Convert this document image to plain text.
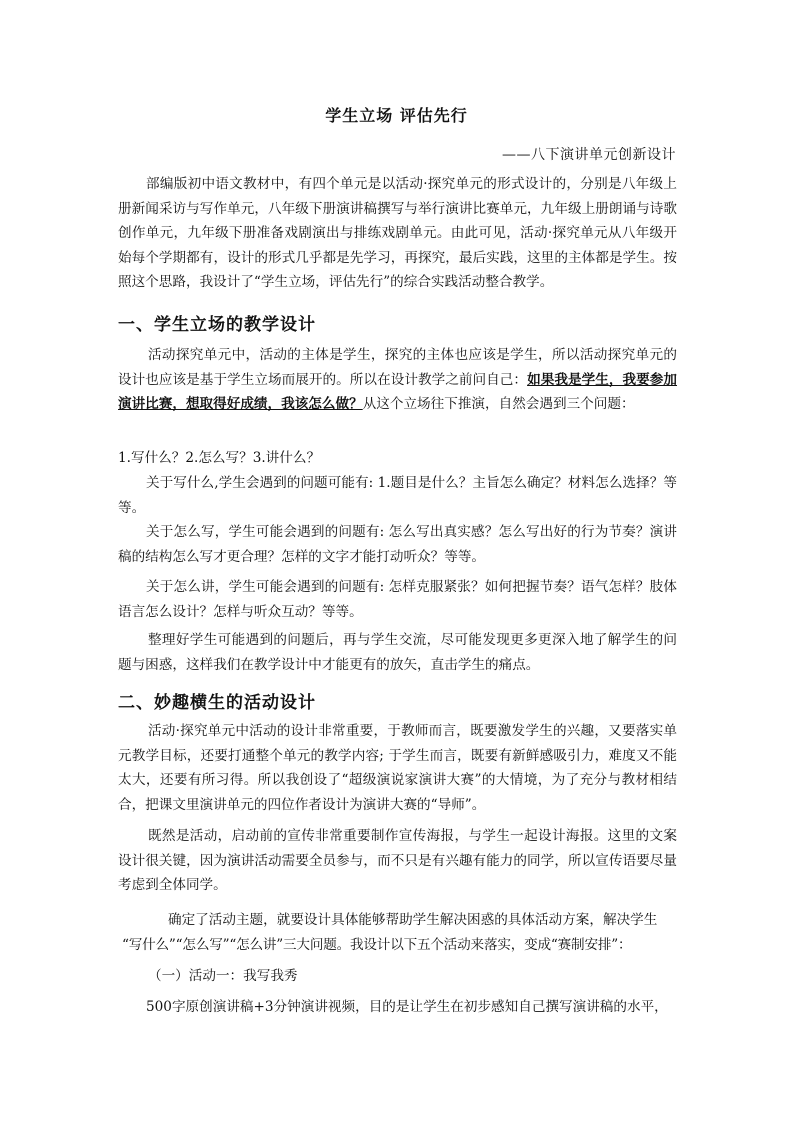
学生立场 评估先行
——八下演讲单元创新设计

部编版初中语文教材中，有四个单元是以活动·探究单元的形式设计的，分别是八年级上册新闻采访与写作单元，八年级下册演讲稿撰写与举行演讲比赛单元，九年级上册朗诵与诗歌创作单元，九年级下册准备戏剧演出与排练戏剧单元。由此可见，活动·探究单元从八年级开始每个学期都有，设计的形式几乎都是先学习，再探究，最后实践，这里的主体都是学生。按照这个思路，我设计了“学生立场，评估先行”的综合实践活动整合教学。

一、学生立场的教学设计

活动探究单元中，活动的主体是学生，探究的主体也应该是学生，所以活动探究单元的设计也应该是基于学生立场而展开的。所以在设计教学之前问自己：如果我是学生，我要参加演讲比赛，想取得好成绩，我该怎么做？从这个立场往下推演，自然会遇到三个问题：

1.写什么？2.怎么写？3.讲什么？

关于写什么,学生会遇到的问题可能有: 1.题目是什么？主旨怎么确定？材料怎么选择？等等。

关于怎么写，学生可能会遇到的问题有: 怎么写出真实感？怎么写出好的行为节奏？演讲稿的结构怎么写才更合理？怎样的文字才能打动听众？等等。

关于怎么讲，学生可能会遇到的问题有: 怎样克服紧张？如何把握节奏？语气怎样？肢体语言怎么设计？怎样与听众互动？等等。

整理好学生可能遇到的问题后，再与学生交流，尽可能发现更多更深入地了解学生的问题与困惑，这样我们在教学设计中才能更有的放矢，直击学生的痛点。

二、妙趣横生的活动设计

活动·探究单元中活动的设计非常重要，于教师而言，既要激发学生的兴趣，又要落实单元教学目标，还要打通整个单元的教学内容; 于学生而言，既要有新鲜感吸引力，难度又不能太大，还要有所习得。所以我创设了“超级演说家演讲大赛”的大情境，为了充分与教材相结合，把课文里演讲单元的四位作者设计为演讲大赛的“导师”。

既然是活动，启动前的宣传非常重要制作宣传海报，与学生一起设计海报。这里的文案设计很关键，因为演讲活动需要全员参与，而不只是有兴趣有能力的同学，所以宣传语要尽量考虑到全体同学。

确定了活动主题，就要设计具体能够帮助学生解决困惑的具体活动方案，解决学生
“写什么”“怎么写”“怎么讲”三大问题。我设计以下五个活动来落实，变成“赛制安排”：
（一）活动一：我写我秀
500字原创演讲稿+3分钟演讲视频，目的是让学生在初步感知自己撰写演讲稿的水平，
